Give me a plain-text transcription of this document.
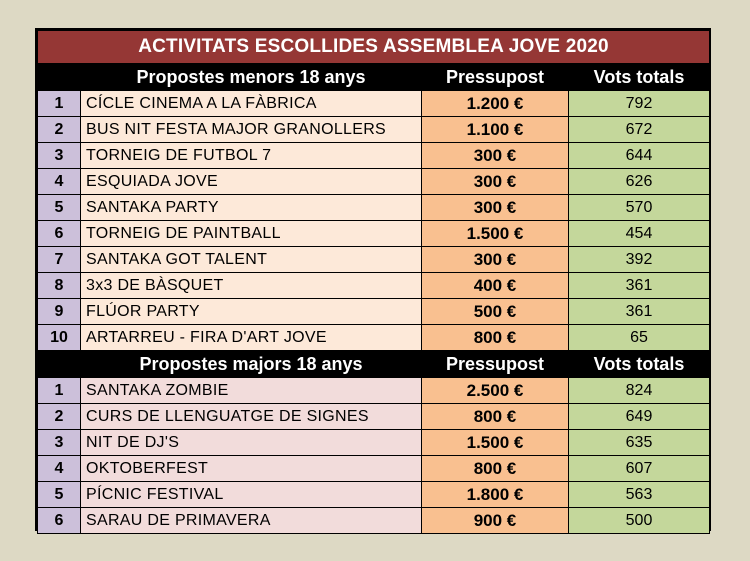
ACTIVITATS ESCOLLIDES ASSEMBLEA JOVE 2020			
	Propostes menors 18 anys	Pressupost	Vots totals
1	CÍCLE CINEMA A LA FÀBRICA	1.200 €	792
2	BUS NIT FESTA MAJOR GRANOLLERS	1.100 €	672
3	TORNEIG DE FUTBOL 7	300 €	644
4	ESQUIADA JOVE	300 €	626
5	SANTAKA PARTY	300 €	570
6	TORNEIG DE PAINTBALL	1.500 €	454
7	SANTAKA GOT TALENT	300 €	392
8	3x3 DE BÀSQUET	400 €	361
9	FLÚOR PARTY	500 €	361
10	ARTARREU - FIRA D'ART JOVE	800 €	65
	Propostes majors 18 anys	Pressupost	Vots totals
1	SANTAKA ZOMBIE	2.500 €	824
2	CURS DE LLENGUATGE DE SIGNES	800 €	649
3	NIT DE DJ'S	1.500 €	635
4	OKTOBERFEST	800 €	607
5	PÍCNIC FESTIVAL	1.800 €	563
6	SARAU DE PRIMAVERA	900 €	500
